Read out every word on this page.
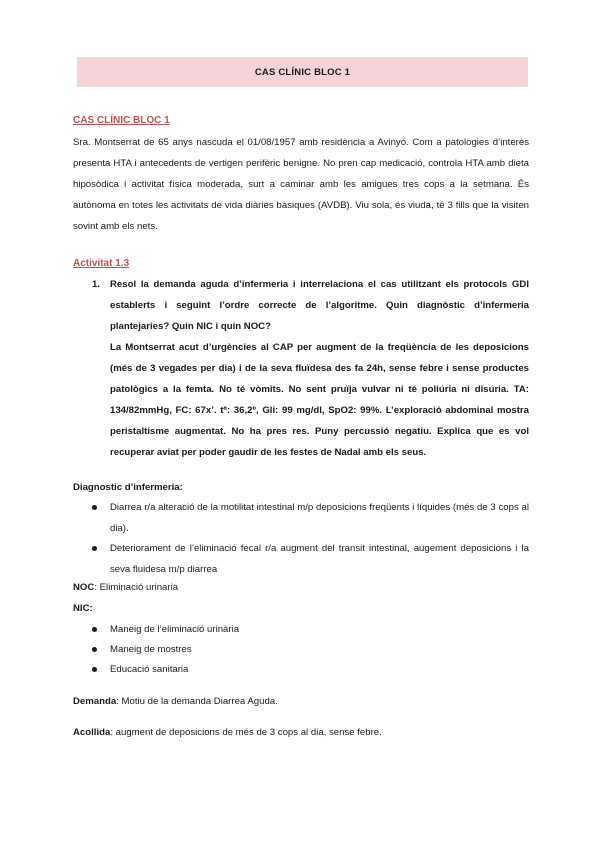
CAS CLÍNIC BLOC 1
CAS CLÍNIC BLOC 1
Sra. Montserrat de 65 anys nascuda el 01/08/1957 amb residència a Avinyó. Com a patologies d’interès presenta HTA i antecedents de vertigen perifèric benigne. No pren cap medicació, controla HTA amb dieta hiposòdica i activitat física moderada, surt a caminar amb les amigues tres cops a la setmana. És autònoma en totes les activitats de vida diàries bàsiques (AVDB). Viu sola, és viuda, té 3 fills que la visiten sovint amb els nets.
Activitat 1.3
1. Resol la demanda aguda d’infermeria i interrelaciona el cas utilitzant els protocols GDI establerts i seguint l’ordre correcte de l’algoritme. Quin diagnòstic d’infermeria plantejaries? Quin NIC i quin NOC?
La Montserrat acut d’urgències al CAP per augment de la freqüència de les deposicions (més de 3 vegades per dia) i de la seva fluïdesa des fa 24h, sense febre i sense productes patològics a la femta. No té vòmits. No sent pruïja vulvar ni té poliúria ni disúria. TA: 134/82mmHg, FC: 67x’. tª: 36,2º, Gli: 99 mg/dl, SpO2: 99%. L’exploració abdominal mostra peristaltisme augmentat. No ha pres res. Puny percussió negatiu. Explica que es vol recuperar aviat per poder gaudir de les festes de Nadal amb els seus.
Diagnostic d’infermeria:
Diarrea r/a alteració de la motilitat intestinal m/p deposicions freqüents i líquides (més de 3 cops al dia).
Deteriorament de l’eliminació fecal r/a augment del transit intestinal, augement deposicions i la seva fluidesa m/p diarrea
NOC: Eliminació urinaria
NIC:
Maneig de l’eliminació urinària
Maneig de mostres
Educació sanitaria
Demanda: Motiu de la demanda Diarrea Aguda.
Acollida: augment de deposicions de més de 3 cops al dia, sense febre.
